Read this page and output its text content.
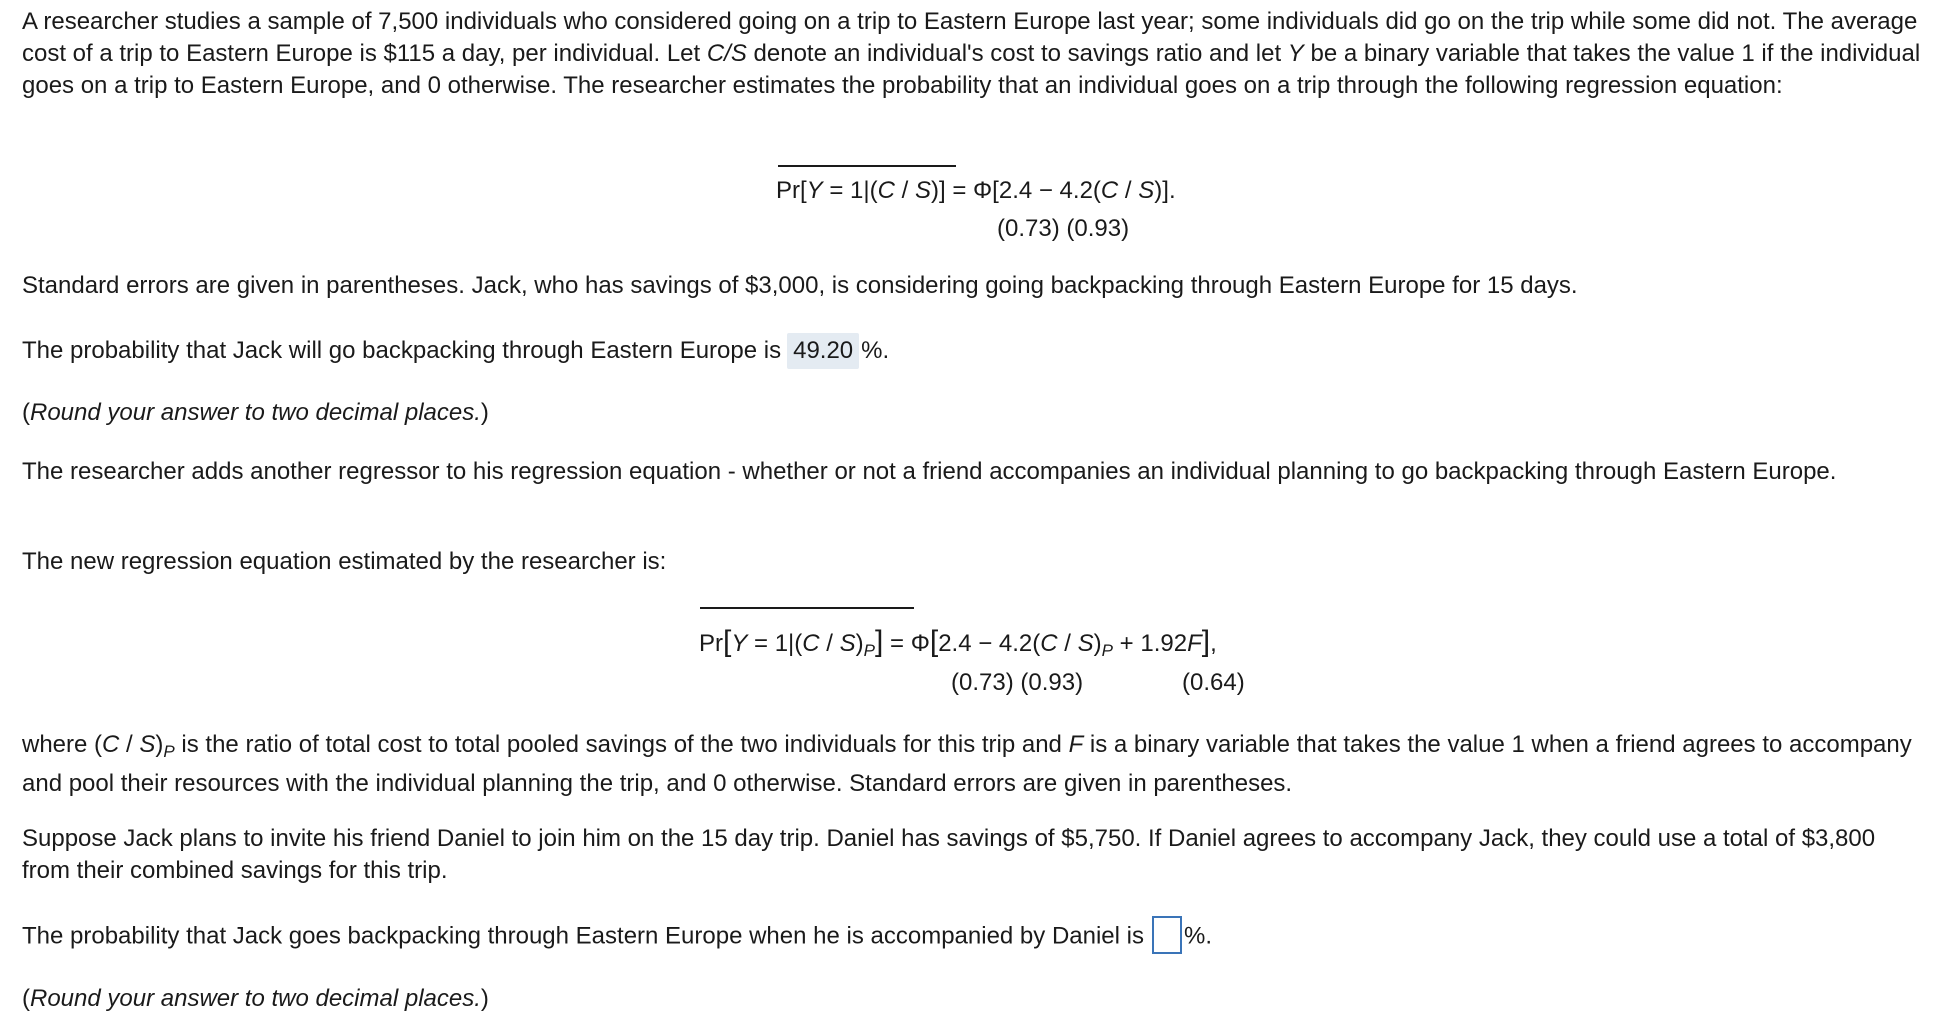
A researcher studies a sample of 7,500 individuals who considered going on a trip to Eastern Europe last year; some individuals did go on the trip while some did not. The average cost of a trip to Eastern Europe is $115 a day, per individual. Let C/S denote an individual's cost to savings ratio and let Y be a binary variable that takes the value 1 if the individual goes on a trip to Eastern Europe, and 0 otherwise. The researcher estimates the probability that an individual goes on a trip through the following regression equation:

Pr[Y = 1|(C / S)] = Φ[2.4 − 4.2(C / S)].
(0.73) (0.93)

Standard errors are given in parentheses. Jack, who has savings of $3,000, is considering going backpacking through Eastern Europe for 15 days.

The probability that Jack will go backpacking through Eastern Europe is 49.20 %.

(Round your answer to two decimal places.)

The researcher adds another regressor to his regression equation - whether or not a friend accompanies an individual planning to go backpacking through Eastern Europe.

The new regression equation estimated by the researcher is:

$Pr[Y = 1|(C / S)_P] = \Phi[2.4 - 4.2(C / S)_P + 1.92F]$,
(0.73) (0.93)	(0.64)

where $(C / S)_P$ is the ratio of total cost to total pooled savings of the two individuals for this trip and F is a binary variable that takes the value 1 when a friend agrees to accompany and pool their resources with the individual planning the trip, and 0 otherwise. Standard errors are given in parentheses.

Suppose Jack plans to invite his friend Daniel to join him on the 15 day trip. Daniel has savings of $5,750. If Daniel agrees to accompany Jack, they could use a total of $3,800 from their combined savings for this trip.

The probability that Jack goes backpacking through Eastern Europe when he is accompanied by Daniel is %.

(Round your answer to two decimal places.)
